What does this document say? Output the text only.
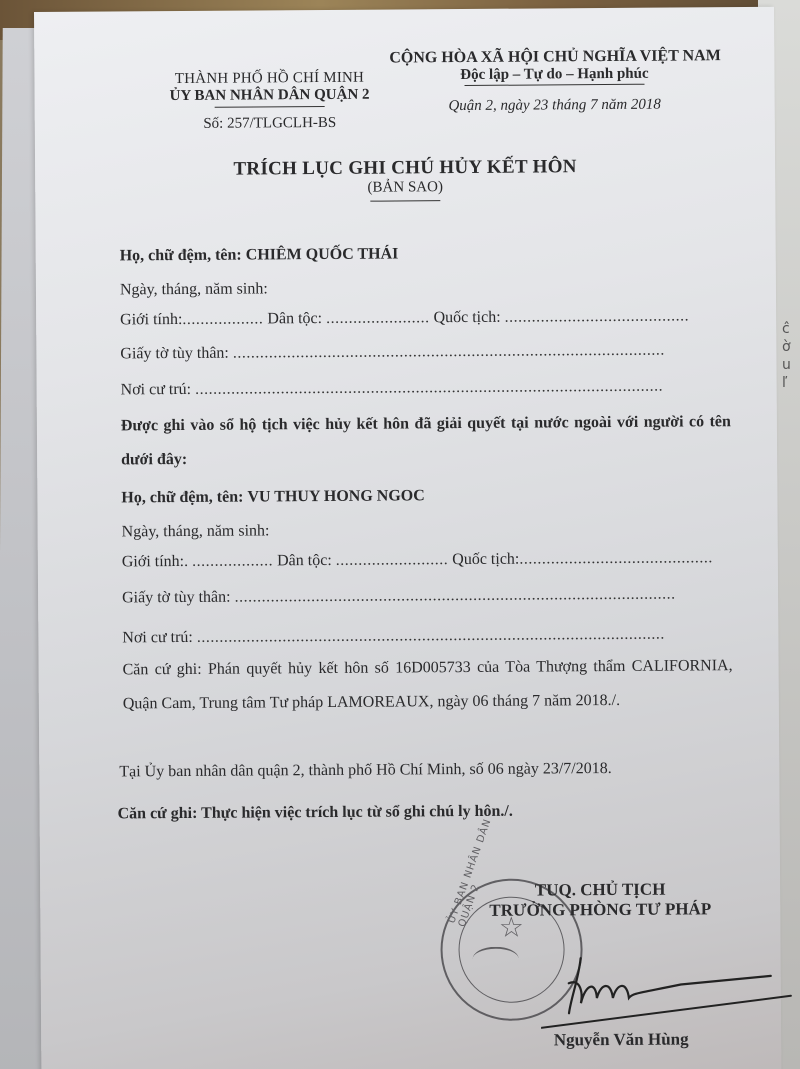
ĉ
ờ
u
ľ
THÀNH PHỐ HỒ CHÍ MINH
ỦY BAN NHÂN DÂN QUẬN 2
Số: 257/TLGCLH-BS
CỘNG HÒA XÃ HỘI CHỦ NGHĨA VIỆT NAM
Độc lập – Tự do – Hạnh phúc
Quận 2, ngày 23 tháng 7 năm 2018
TRÍCH LỤC GHI CHÚ HỦY KẾT HÔN
(BẢN SAO)
Họ, chữ đệm, tên: CHIÊM QUỐC THÁI
Ngày, tháng, năm sinh:
Giới tính:.................. Dân tộc: ....................... Quốc tịch: .........................................
Giấy tờ tùy thân: ................................................................................................
Nơi cư trú: ........................................................................................................
Được ghi vào sổ hộ tịch việc hủy kết hôn đã giải quyết tại nước ngoài với người có tên dưới đây:
Họ, chữ đệm, tên: VU THUY HONG NGOC
Ngày, tháng, năm sinh:
Giới tính:. .................. Dân tộc: ......................... Quốc tịch:...........................................
Giấy tờ tùy thân: ..................................................................................................
Nơi cư trú: ........................................................................................................
Căn cứ ghi: Phán quyết hủy kết hôn số 16D005733 của Tòa Thượng thẩm CALIFORNIA, Quận Cam, Trung tâm Tư pháp LAMOREAUX, ngày 06 tháng 7 năm 2018./.
Tại Ủy ban nhân dân quận 2, thành phố Hồ Chí Minh, số 06 ngày 23/7/2018.
Căn cứ ghi: Thực hiện việc trích lục từ sổ ghi chú ly hôn./.
☆
ỦY BAN NHÂN DÂN QUẬN 2	TUQ. CHỦ TỊCH
TRƯỞNG PHÒNG TƯ PHÁP
Nguyễn Văn Hùng
